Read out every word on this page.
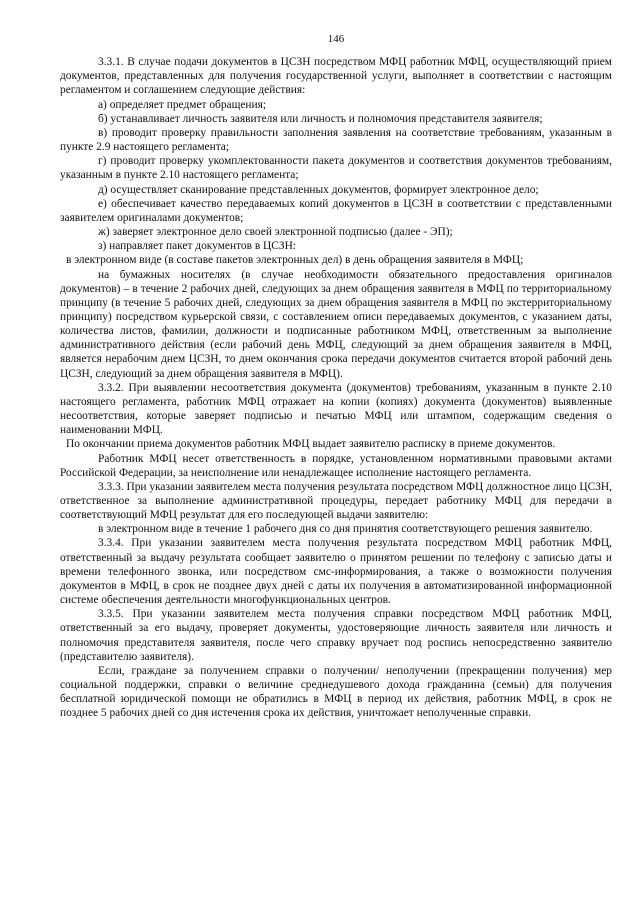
146

3.3.1. В случае подачи документов в ЦСЗН посредством МФЦ работник МФЦ, осуществляющий прием документов, представленных для получения государственной услуги, выполняет в соответствии с настоящим регламентом и соглашением следующие действия:

а) определяет предмет обращения;

б) устанавливает личность заявителя или личность и полномочия представителя заявителя;

в) проводит проверку правильности заполнения заявления на соответствие требованиям, указанным в пункте 2.9 настоящего регламента;

г) проводит проверку укомплектованности пакета документов и соответствия документов требованиям, указанным в пункте 2.10 настоящего регламента;

д) осуществляет сканирование представленных документов, формирует электронное дело;

е) обеспечивает качество передаваемых копий документов в ЦСЗН в соответствии с представленными заявителем оригиналами документов;

ж) заверяет электронное дело своей электронной подписью (далее - ЭП);

з) направляет пакет документов в ЦСЗН:

в электронном виде (в составе пакетов электронных дел) в день обращения заявителя в МФЦ;

на бумажных носителях (в случае необходимости обязательного предоставления оригиналов документов) – в течение 2 рабочих дней, следующих за днем обращения заявителя в МФЦ по территориальному принципу (в течение 5 рабочих дней, следующих за днем обращения заявителя в МФЦ по экстерриториальному принципу) посредством курьерской связи, с составлением описи передаваемых документов, с указанием даты, количества листов, фамилии, должности и подписанные работником МФЦ, ответственным за выполнение административного действия (если рабочий день МФЦ, следующий за днем обращения заявителя в МФЦ, является нерабочим днем ЦСЗН, то днем окончания срока передачи документов считается второй рабочий день ЦСЗН, следующий за днем обращения заявителя в МФЦ).

3.3.2. При выявлении несоответствия документа (документов) требованиям, указанным в пункте 2.10 настоящего регламента, работник МФЦ отражает на копии (копиях) документа (документов) выявленные несоответствия, которые заверяет подписью и печатью МФЦ или штампом, содержащим сведения о наименовании МФЦ.

По окончании приема документов работник МФЦ выдает заявителю расписку в приеме документов.

Работник МФЦ несет ответственность в порядке, установленном нормативными правовыми актами Российской Федерации, за неисполнение или ненадлежащее исполнение настоящего регламента.

3.3.3. При указании заявителем места получения результата посредством МФЦ должностное лицо ЦСЗН, ответственное за выполнение административной процедуры, передает работнику МФЦ для передачи в соответствующий МФЦ результат для его последующей выдачи заявителю:

в электронном виде в течение 1 рабочего дня со дня принятия соответствующего решения заявителю.

3.3.4. При указании заявителем места получения результата посредством МФЦ работник МФЦ, ответственный за выдачу результата сообщает заявителю о принятом решении по телефону с записью даты и времени телефонного звонка, или посредством смс-информирования, а также о возможности получения документов в МФЦ, в срок не позднее двух дней с даты их получения в автоматизированной информационной системе обеспечения деятельности многофункциональных центров.

3.3.5. При указании заявителем места получения справки посредством МФЦ работник МФЦ, ответственный за его выдачу, проверяет документы, удостоверяющие личность заявителя или личность и полномочия представителя заявителя, после чего справку вручает под роспись непосредственно заявителю (представителю заявителя).

Если, граждане за получением справки о получении/ неполучении (прекращении получения) мер социальной поддержки, справки о величине среднедушевого дохода гражданина (семьи) для получения бесплатной юридической помощи не обратились в МФЦ в период их действия, работник МФЦ, в срок не позднее 5 рабочих дней со дня истечения срока их действия, уничтожает неполученные справки.
